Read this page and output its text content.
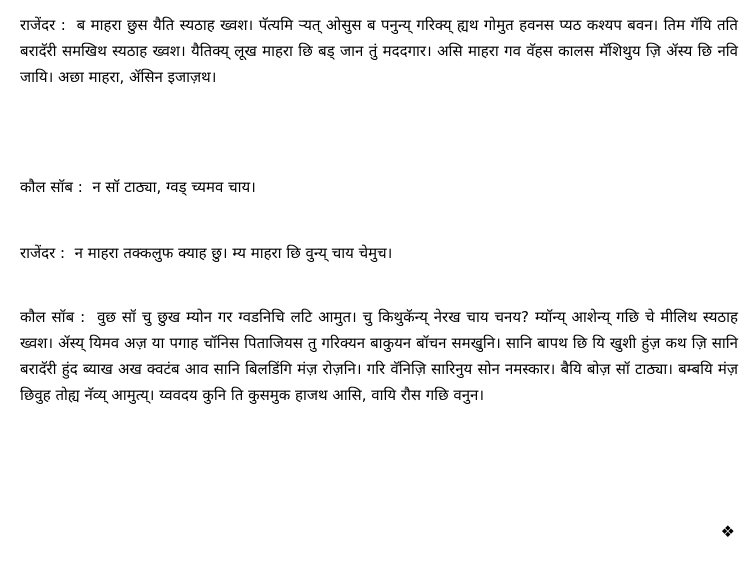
राजेंदर :  ब माहरा छुस यैति स्यठाह ख्वश। पॅत्यमि र्‍यत् ओसुस ब पनुन्य् गरिक्य् ह्यथ गोमुत हवनस प्यठ कश्यप बवन। तिम गॅयि तति बरादॅरी समखिथ स्यठाह ख्वश। यैतिक्य् लूख माहरा छि बड् जान तुं मददगार। असि माहरा गव वॅहस कालस मॅशिथुय ज़ि ॲस्य छि नवि जायि। अछा माहरा, ॲसिन इजाज़थ।

कौल सॉब :  न सॉ टाठ्या, ग्वड् च्यमव चाय।

राजेंदर :  न माहरा तक्कलुफ क्याह छु। म्य माहरा छि वुन्य् चाय चेमुच।

कौल सॉब :  वुछ सॉ चु छुख म्योन गर ग्वडनिचि लटि आमुत। चु किथुकॅन्य् नेरख चाय चनय? म्यॉन्य् आशेन्य् गछि चे मीलिथ स्यठाह ख्वश। ॲस्य् यिमव अज़ या पगाह चॉनिस पिताजियस तु गरिक्यन बाकुयन बॉचन समखुनि। सानि बापथ छि यि खुशी हुंज़ कथ ज़ि सानि बरादॅरी हुंद ब्याख अख क्वटंब आव सानि बिलडिंगि मंज़ रोज़नि। गरि वॅनिज़ि सारिनुय सोन नमस्कार। बैयि बोज़ सॉ टाठ्या। बम्बयि मंज़ छिवुह तोह्य नॅव्य् आमुत्य्। य्ववदय कुनि ति कुसमुक हाजथ आसि, वायि रौस गछि वनुन।

❖
